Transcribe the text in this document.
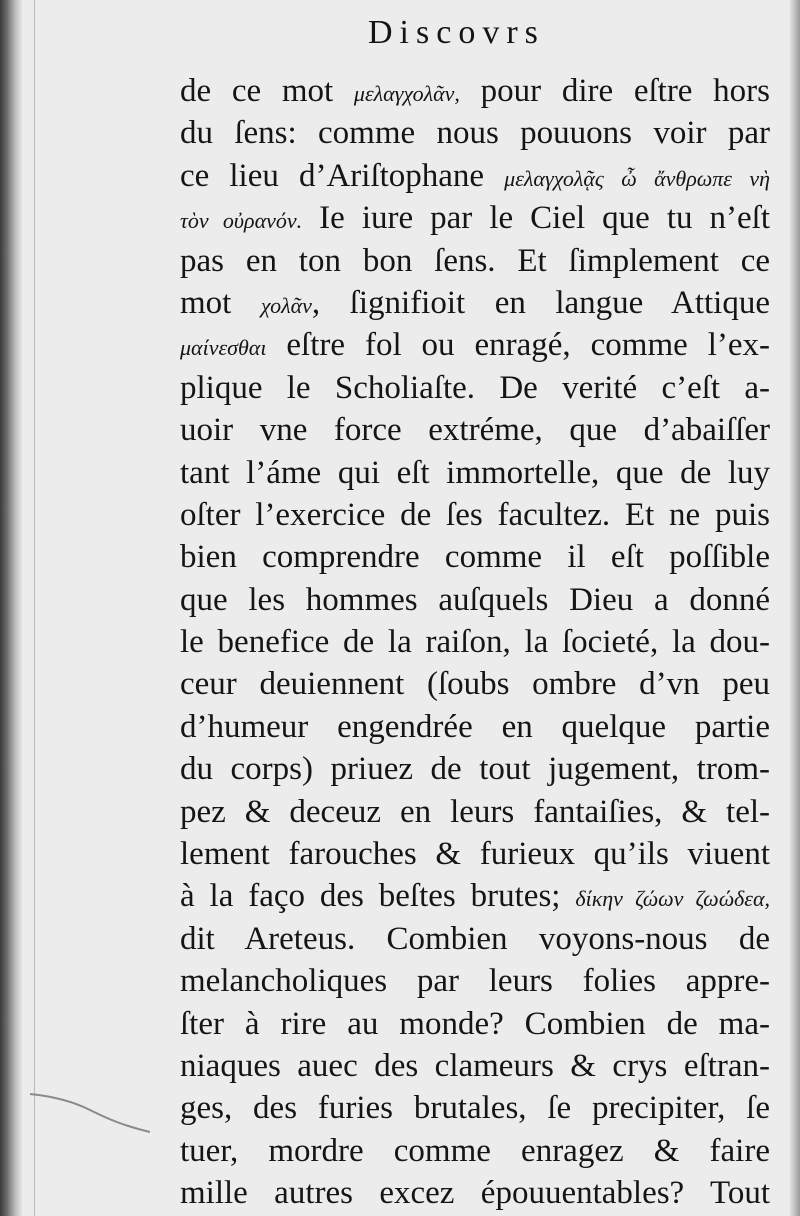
Discovrs
de ce mot μελαγχολᾶν, pour dire eſtre hors
du ſens: comme nous pouuons voir par
ce lieu d’Ariſtophane μελαγχολᾷς ὦ ἄνθρωπε νὴ
τὸν οὐρανόν. Ie iure par le Ciel que tu n’eſt
pas en ton bon ſens. Et ſimplement ce
mot χολᾶν, ſignifioit en langue Attique
μαίνεσθαι eſtre fol ou enragé, comme l’ex-
plique le Scholiaſte. De verité c’eſt a-
uoir vne force extréme, que d’abaiſſer
tant l’áme qui eſt immortelle, que de luy
oſter l’exercice de ſes facultez. Et ne puis
bien comprendre comme il eſt poſſible
que les hommes auſquels Dieu a donné
le benefice de la raiſon, la ſocieté, la dou-
ceur deuiennent (ſoubs ombre d’vn peu
d’humeur engendrée en quelque partie
du corps) priuez de tout jugement, trom-
pez & deceuz en leurs fantaiſies, & tel-
lement farouches & furieux qu’ils viuent
à la faço des beſtes brutes; δίκην ζώων ζωώδεα,
dit Areteus. Combien voyons-nous de
melancholiques par leurs folies appre-
ſter à rire au monde? Combien de ma-
niaques auec des clameurs & crys eſtran-
ges, des furies brutales, ſe precipiter, ſe
tuer, mordre comme enragez & faire
mille autres excez épouuentables? Tout
